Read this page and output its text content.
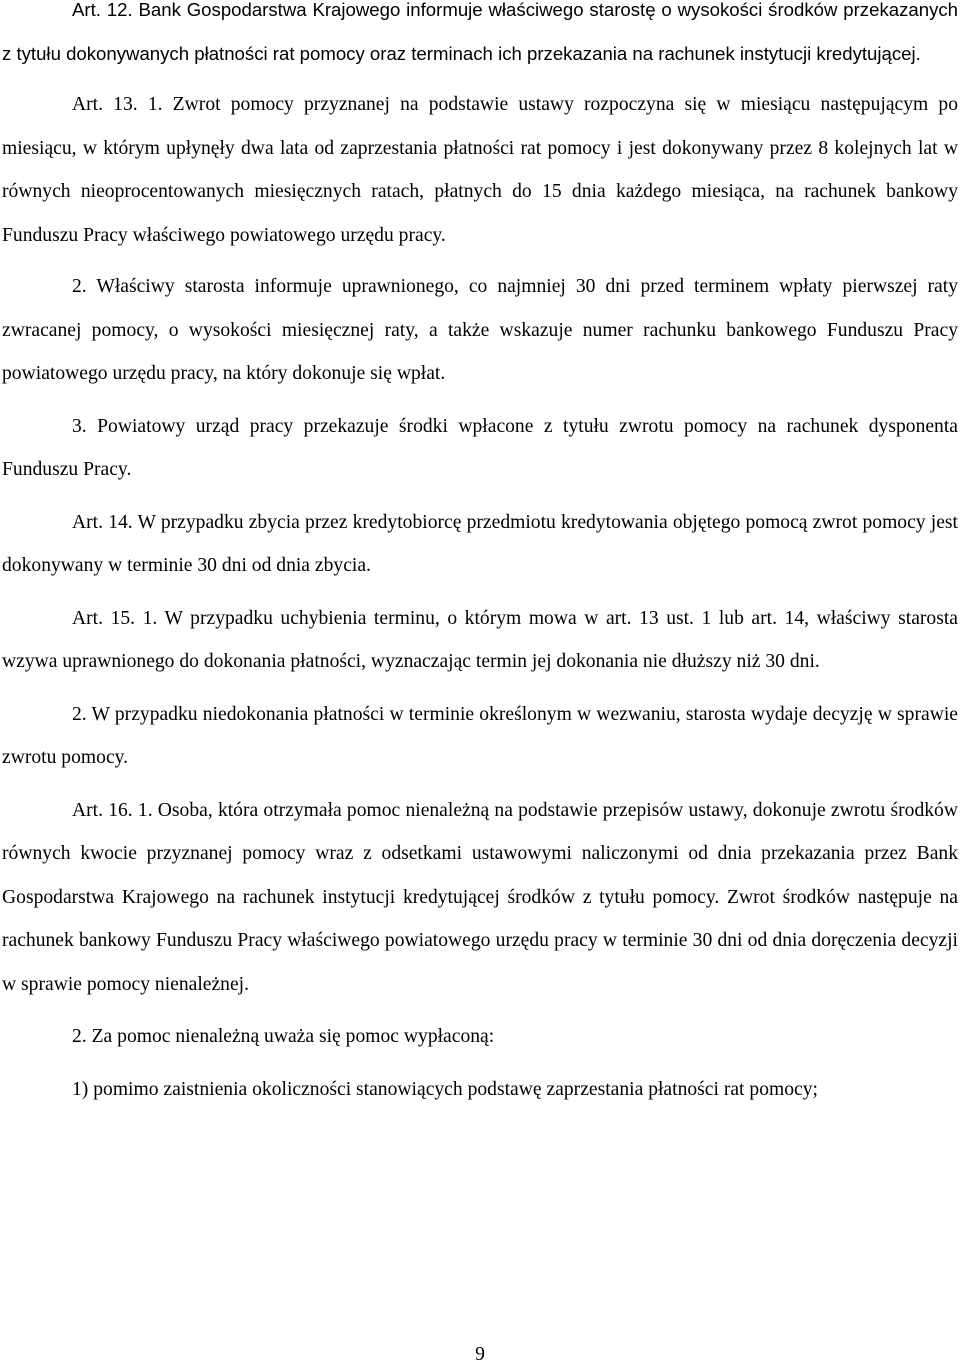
Art. 12. Bank Gospodarstwa Krajowego informuje właściwego starostę o wysokości środków przekazanych z tytułu dokonywanych płatności rat pomocy oraz terminach ich przekazania na rachunek instytucji kredytującej.

Art. 13. 1. Zwrot pomocy przyznanej na podstawie ustawy rozpoczyna się w miesiącu następującym po miesiącu, w którym upłynęły dwa lata od zaprzestania płatności rat pomocy i jest dokonywany przez 8 kolejnych lat w równych nieoprocentowanych miesięcznych ratach, płatnych do 15 dnia każdego miesiąca, na rachunek bankowy Funduszu Pracy właściwego powiatowego urzędu pracy.

2. Właściwy starosta informuje uprawnionego, co najmniej 30 dni przed terminem wpłaty pierwszej raty zwracanej pomocy, o wysokości miesięcznej raty, a także wskazuje numer rachunku bankowego Funduszu Pracy powiatowego urzędu pracy, na który dokonuje się wpłat.

3. Powiatowy urząd pracy przekazuje środki wpłacone z tytułu zwrotu pomocy na rachunek dysponenta Funduszu Pracy.

Art. 14. W przypadku zbycia przez kredytobiorcę przedmiotu kredytowania objętego pomocą zwrot pomocy jest dokonywany w terminie 30 dni od dnia zbycia.

Art. 15. 1. W przypadku uchybienia terminu, o którym mowa w art. 13 ust. 1 lub art. 14, właściwy starosta wzywa uprawnionego do dokonania płatności, wyznaczając termin jej dokonania nie dłuższy niż 30 dni.

2. W przypadku niedokonania płatności w terminie określonym w wezwaniu, starosta wydaje decyzję w sprawie zwrotu pomocy.

Art. 16. 1. Osoba, która otrzymała pomoc nienależną na podstawie przepisów ustawy, dokonuje zwrotu środków równych kwocie przyznanej pomocy wraz z odsetkami ustawowymi naliczonymi od dnia przekazania przez Bank Gospodarstwa Krajowego na rachunek instytucji kredytującej środków z tytułu pomocy. Zwrot środków następuje na rachunek bankowy Funduszu Pracy właściwego powiatowego urzędu pracy w terminie 30 dni od dnia doręczenia decyzji w sprawie pomocy nienależnej.

2. Za pomoc nienależną uważa się pomoc wypłaconą:

1) pomimo zaistnienia okoliczności stanowiących podstawę zaprzestania płatności rat pomocy;

9
